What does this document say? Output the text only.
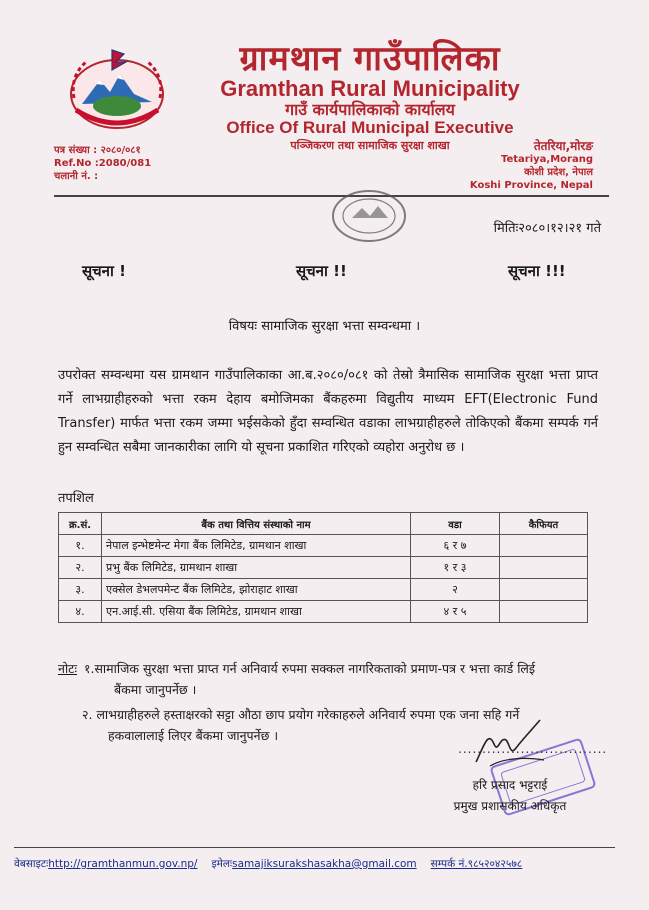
ग्रामथान गाउँपालिका
Gramthan Rural Municipality
गाउँ कार्यपालिकाको कार्यालय
Office Of Rural Municipal Executive
पञ्जिकरण तथा सामाजिक सुरक्षा शाखा
पत्र संख्या : २०८०/०८१
Ref.No :2080/081
चलानी नं. :
तेतरिया,मोरङ
Tetariya,Morang
कोशी प्रदेश, नेपाल
Koshi Province, Nepal
मितिः२०८०।१२।२१ गते
सूचना !	सूचना !!	सूचना !!!
विषयः सामाजिक सुरक्षा भत्ता सम्वन्धमा ।
उपरोक्त सम्वन्धमा यस ग्रामथान गाउँपालिकाका आ.ब.२०८०/०८१ को तेस्रो त्रैमासिक सामाजिक सुरक्षा भत्ता प्राप्त गर्ने लाभग्राहीहरुको भत्ता रकम देहाय बमोजिमका बैंकहरुमा विद्युतीय माध्यम EFT(Electronic Fund Transfer) मार्फत भत्ता रकम जम्मा भईसकेको हुँदा सम्वन्धित वडाका लाभग्राहीहरुले तोकिएको बैंकमा सम्पर्क गर्न हुन सम्वन्धित सबैमा जानकारीका लागि यो सूचना प्रकाशित गरिएको व्यहोरा अनुरोध छ ।
तपशिल
क्र.सं.	बैंक तथा वित्तिय संस्थाको नाम	वडा	कैफियत
१.	नेपाल इन्भेष्टमेन्ट मेगा बैंक लिमिटेड, ग्रामथान शाखा	६ र ७	
२.	प्रभु बैंक लिमिटेड, ग्रामथान शाखा	१ र ३	
३.	एक्सेल डेभलपमेन्ट बैंक लिमिटेड, झोराहाट शाखा	२	
४.	एन.आई.सी. एसिया बैंक लिमिटेड, ग्रामथान शाखा	४ र ५	
नोटः १.सामाजिक सुरक्षा भत्ता प्राप्त गर्न अनिवार्य रुपमा सक्कल नागरिकताको प्रमाण-पत्र र भत्ता कार्ड लिई
बैंकमा जानुपर्नेछ ।
२. लाभग्राहीहरुले हस्ताक्षरको सट्टा औठा छाप प्रयोग गरेकाहरुले अनिवार्य रुपमा एक जना सहि गर्ने
हकवालालाई लिएर बैंकमा जानुपर्नेछ ।
...............................
हरि प्रसाद भट्टराई
प्रमुख प्रशासकीय अधिकृत
वेबसाइटःhttp://gramthanmun.gov.np/ इमेलःsamajiksurakshasakha@gmail.com सम्पर्क नं.९८५२०४२५७८
